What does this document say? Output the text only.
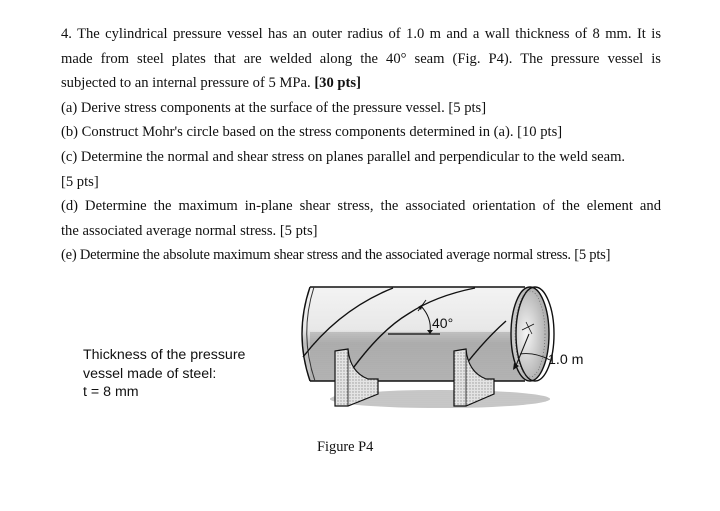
4. The cylindrical pressure vessel has an outer radius of 1.0 m and a wall thickness of 8 mm. It is

made from steel plates that are welded along the 40° seam (Fig. P4). The pressure vessel is

subjected to an internal pressure of 5 MPa. [30 pts]

(a) Derive stress components at the surface of the pressure vessel. [5 pts]

(b) Construct Mohr's circle based on the stress components determined in (a). [10 pts]

(c) Determine the normal and shear stress on planes parallel and perpendicular to the weld seam.

[5 pts]

(d) Determine the maximum in-plane shear stress, the associated orientation of the element and

the associated average normal stress. [5 pts]

(e) Determine the absolute maximum shear stress and the associated average normal stress. [5 pts]

Thickness of the pressure
vessel made of steel:
t = 8 mm
40°
1.0 m
Figure P4
